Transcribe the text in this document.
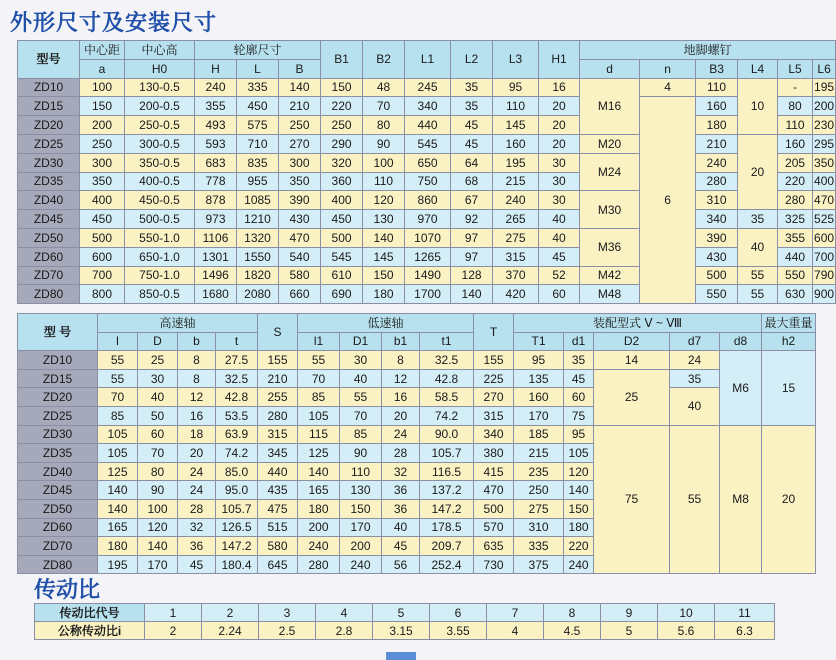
外形尺寸及安装尺寸
型号	中心距	中心高	轮廓尺寸			B1	B2	L1	L2	L3	H1	地脚螺钉					
	a	H0	H	L	B							d	n	B3	L4	L5	L6
ZD10	100	130-0.5	240	335	140	150	48	245	35	95	16	M16	4	110	10	-	195
ZD15	150	200-0.5	355	450	210	220	70	340	35	110	20		6	160		80	200
ZD20	200	250-0.5	493	575	250	250	80	440	45	145	20			180		110	230
ZD25	250	300-0.5	593	710	270	290	90	545	45	160	20	M20		210	20	160	295
ZD30	300	350-0.5	683	835	300	320	100	650	64	195	30	M24		240		205	350
ZD35	350	400-0.5	778	955	350	360	110	750	68	215	30			280		220	400
ZD40	400	450-0.5	878	1085	390	400	120	860	67	240	30	M30		310		280	470
ZD45	450	500-0.5	973	1210	430	450	130	970	92	265	40			340	35	325	525
ZD50	500	550-1.0	1106	1320	470	500	140	1070	97	275	40	M36		390	40	355	600
ZD60	600	650-1.0	1301	1550	540	545	145	1265	97	315	45			430		440	700
ZD70	700	750-1.0	1496	1820	580	610	150	1490	128	370	52	M42		500	55	550	790
ZD80	800	850-0.5	1680	2080	660	690	180	1700	140	420	60	M48		550	55	630	900
型 号	高速轴				S	低速轴				T	装配型式 Ⅴ ~ Ⅷ					最大重量	
	l	D	b	t		l1	D1	b1	t1		T1	d1	D2	d7	d8	h2	
ZD10	55	25	8	27.5	155	55	30	8	32.5	155	95	35	14	24	M6	15	
ZD15	55	30	8	32.5	210	70	40	12	42.8	225	135	45	25	35	
ZD20	70	40	12	42.8	255	85	55	16	58.5	270	160	60		40	
ZD25	85	50	16	53.5	280	105	70	20	74.2	315	170	75	
ZD30	105	60	18	63.9	315	115	85	24	90.0	340	185	95	75	55	M8	20	
ZD35	105	70	20	74.2	345	125	90	28	105.7	380	215	105	
ZD40	125	80	24	85.0	440	140	110	32	116.5	415	235	120	
ZD45	140	90	24	95.0	435	165	130	36	137.2	470	250	140	
ZD50	140	100	28	105.7	475	180	150	36	147.2	500	275	150	
ZD60	165	120	32	126.5	515	200	170	40	178.5	570	310	180	
ZD70	180	140	36	147.2	580	240	200	45	209.7	635	335	220	
ZD80	195	170	45	180.4	645	280	240	56	252.4	730	375	240	
传动比
传动比代号	1	2	3	4	5	6	7	8	9	10	11
公称传动比i	2	2.24	2.5	2.8	3.15	3.55	4	4.5	5	5.6	6.3
